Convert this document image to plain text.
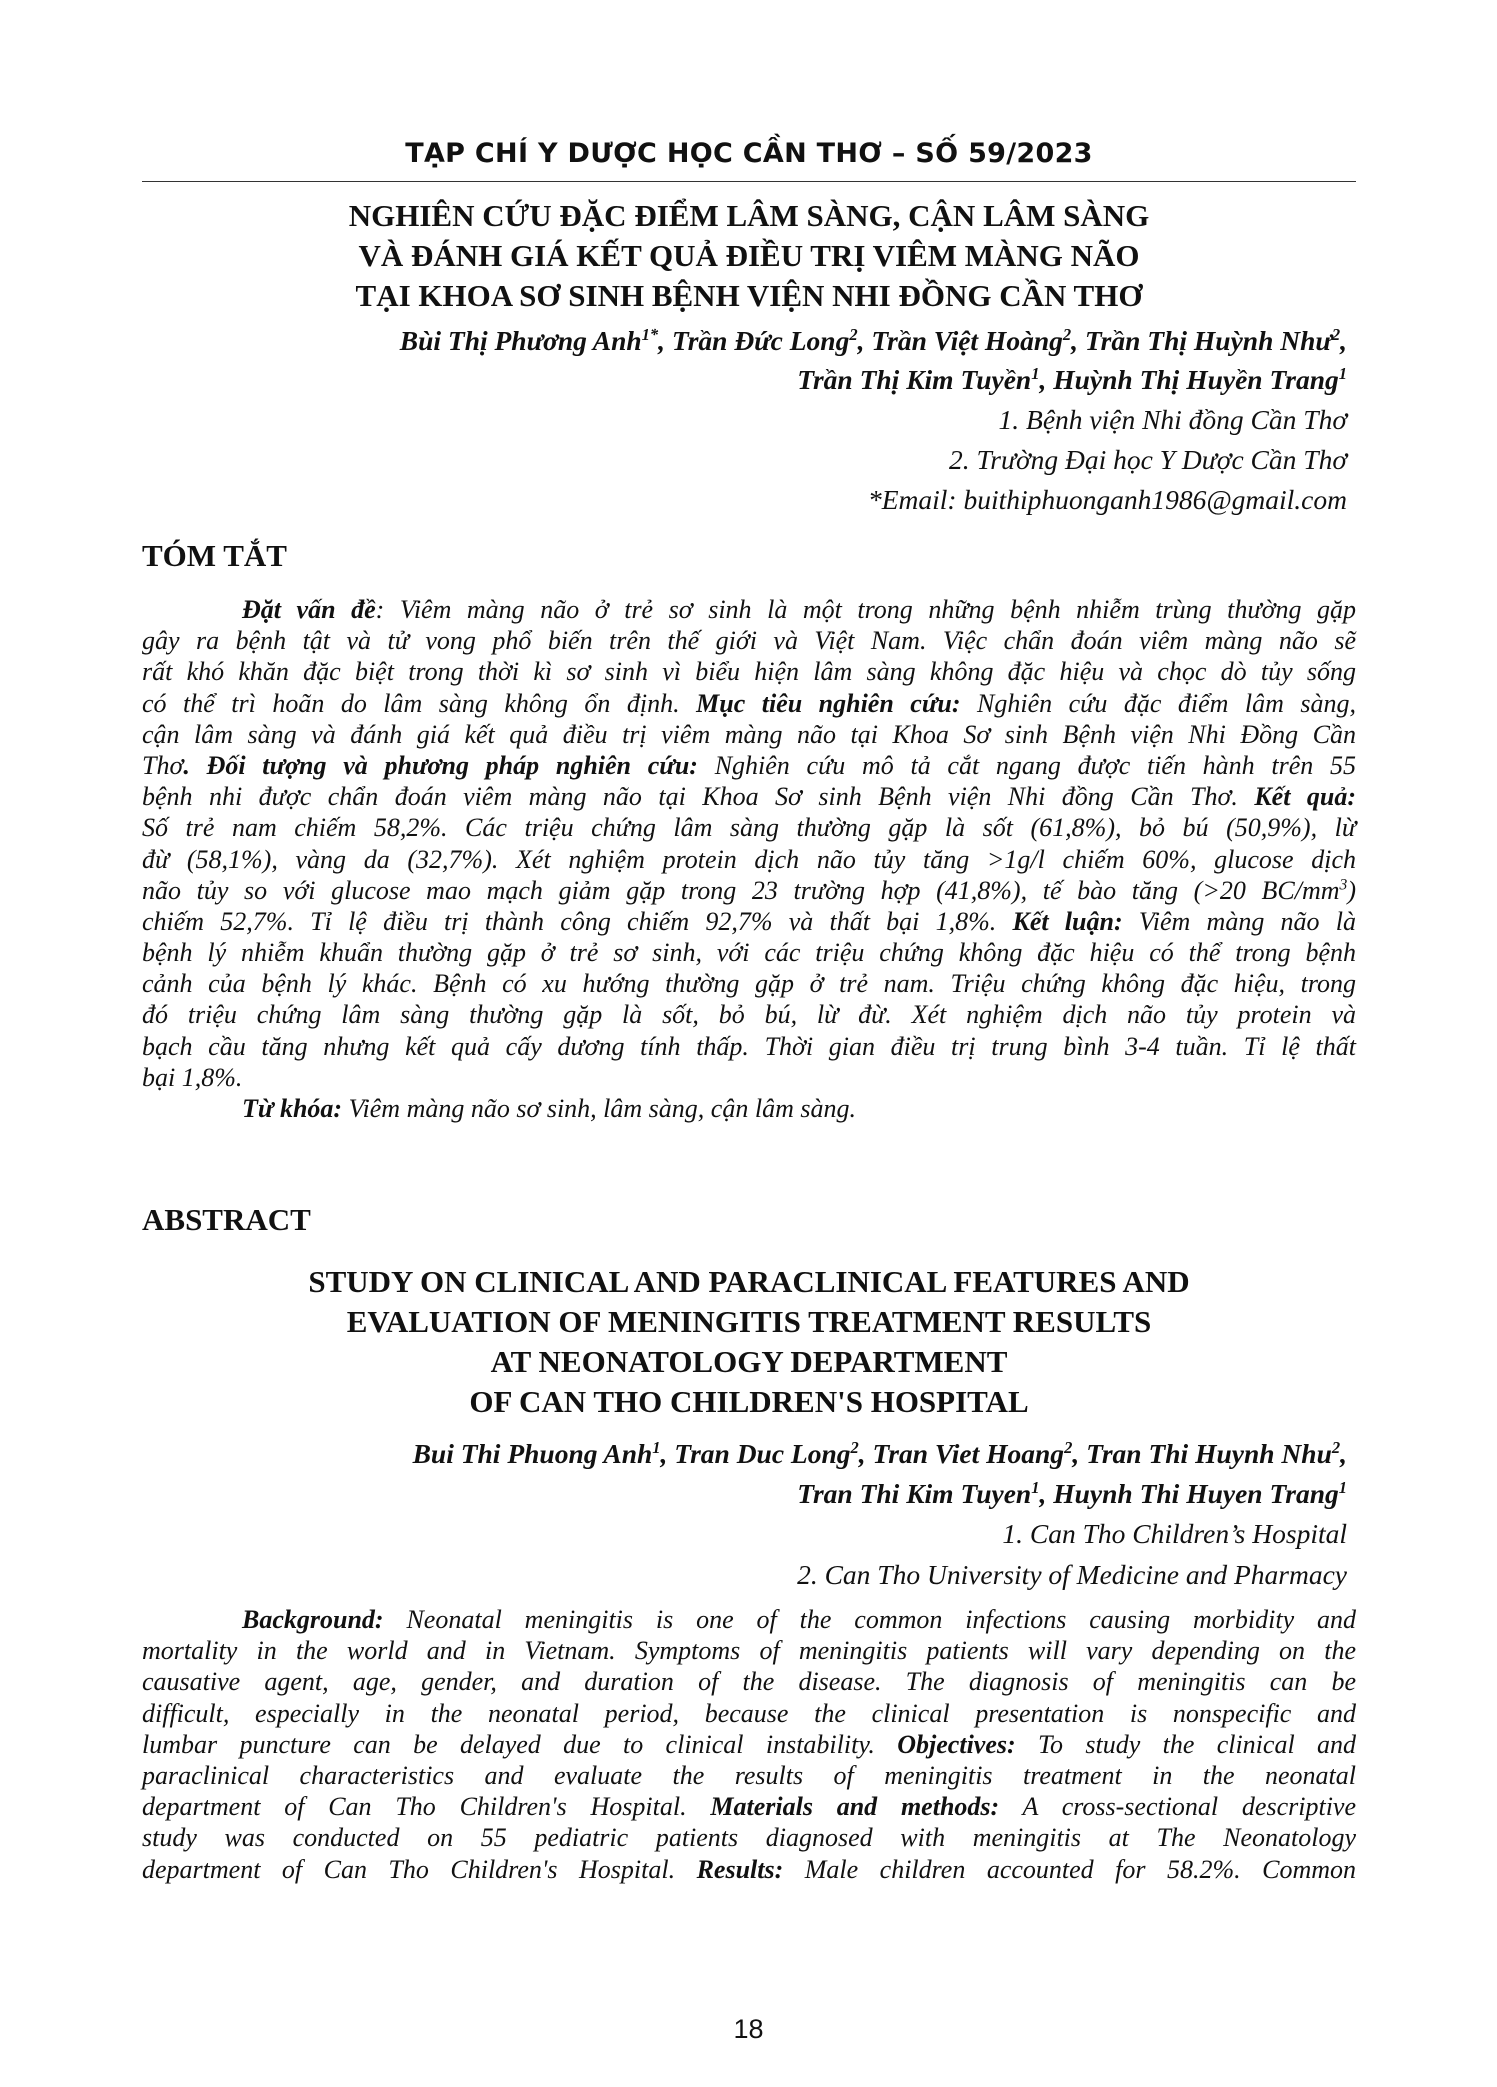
TẠP CHÍ Y DƯỢC HỌC CẦN THƠ – SỐ 59/2023
NGHIÊN CỨU ĐẶC ĐIỂM LÂM SÀNG, CẬN LÂM SÀNG
VÀ ĐÁNH GIÁ KẾT QUẢ ĐIỀU TRỊ VIÊM MÀNG NÃO
TẠI KHOA SƠ SINH BỆNH VIỆN NHI ĐỒNG CẦN THƠ
Bùi Thị Phương Anh$^{1*}$, Trần Đức Long$^2$, Trần Việt Hoàng$^2$, Trần Thị Huỳnh Như$^2$,
Trần Thị Kim Tuyền$^1$, Huỳnh Thị Huyền Trang$^1$
1. Bệnh viện Nhi đồng Cần Thơ
2. Trường Đại học Y Dược Cần Thơ
*Email: buithiphuonganh1986@gmail.com
TÓM TẮT
Đặt vấn đề: Viêm màng não ở trẻ sơ sinh là một trong những bệnh nhiễm trùng thường gặp
gây ra bệnh tật và tử vong phổ biến trên thế giới và Việt Nam. Việc chẩn đoán viêm màng não sẽ
rất khó khăn đặc biệt trong thời kì sơ sinh vì biểu hiện lâm sàng không đặc hiệu và chọc dò tủy sống
có thể trì hoãn do lâm sàng không ổn định. Mục tiêu nghiên cứu: Nghiên cứu đặc điểm lâm sàng,
cận lâm sàng và đánh giá kết quả điều trị viêm màng não tại Khoa Sơ sinh Bệnh viện Nhi Đồng Cần
Thơ. Đối tượng và phương pháp nghiên cứu: Nghiên cứu mô tả cắt ngang được tiến hành trên 55
bệnh nhi được chẩn đoán viêm màng não tại Khoa Sơ sinh Bệnh viện Nhi đồng Cần Thơ. Kết quả:
Số trẻ nam chiếm 58,2%. Các triệu chứng lâm sàng thường gặp là sốt (61,8%), bỏ bú (50,9%), lừ
đừ (58,1%), vàng da (32,7%). Xét nghiệm protein dịch não tủy tăng >1g/l chiếm 60%, glucose dịch
não tủy so với glucose mao mạch giảm gặp trong 23 trường hợp (41,8%), tế bào tăng (>20 $BC/mm^3$)
chiếm 52,7%. Tỉ lệ điều trị thành công chiếm 92,7% và thất bại 1,8%. Kết luận: Viêm màng não là
bệnh lý nhiễm khuẩn thường gặp ở trẻ sơ sinh, với các triệu chứng không đặc hiệu có thể trong bệnh
cảnh của bệnh lý khác. Bệnh có xu hướng thường gặp ở trẻ nam. Triệu chứng không đặc hiệu, trong
đó triệu chứng lâm sàng thường gặp là sốt, bỏ bú, lừ đừ. Xét nghiệm dịch não tủy protein và
bạch cầu tăng nhưng kết quả cấy dương tính thấp. Thời gian điều trị trung bình 3-4 tuần. Tỉ lệ thất
bại 1,8%.
Từ khóa: Viêm màng não sơ sinh, lâm sàng, cận lâm sàng.
ABSTRACT
STUDY ON CLINICAL AND PARACLINICAL FEATURES AND
EVALUATION OF MENINGITIS TREATMENT RESULTS
AT NEONATOLOGY DEPARTMENT
OF CAN THO CHILDREN'S HOSPITAL
Bui Thi Phuong Anh$^1$, Tran Duc Long$^2$, Tran Viet Hoang$^2$, Tran Thi Huynh Nhu$^2$,
Tran Thi Kim Tuyen$^1$, Huynh Thi Huyen Trang$^1$
1. Can Tho Children’s Hospital
2. Can Tho University of Medicine and Pharmacy
Background: Neonatal meningitis is one of the common infections causing morbidity and
mortality in the world and in Vietnam. Symptoms of meningitis patients will vary depending on the
causative agent, age, gender, and duration of the disease. The diagnosis of meningitis can be
difficult, especially in the neonatal period, because the clinical presentation is nonspecific and
lumbar puncture can be delayed due to clinical instability. Objectives: To study the clinical and
paraclinical characteristics and evaluate the results of meningitis treatment in the neonatal
department of Can Tho Children's Hospital. Materials and methods: A cross-sectional descriptive
study was conducted on 55 pediatric patients diagnosed with meningitis at The Neonatology
department of Can Tho Children's Hospital. Results: Male children accounted for 58.2%. Common
18
